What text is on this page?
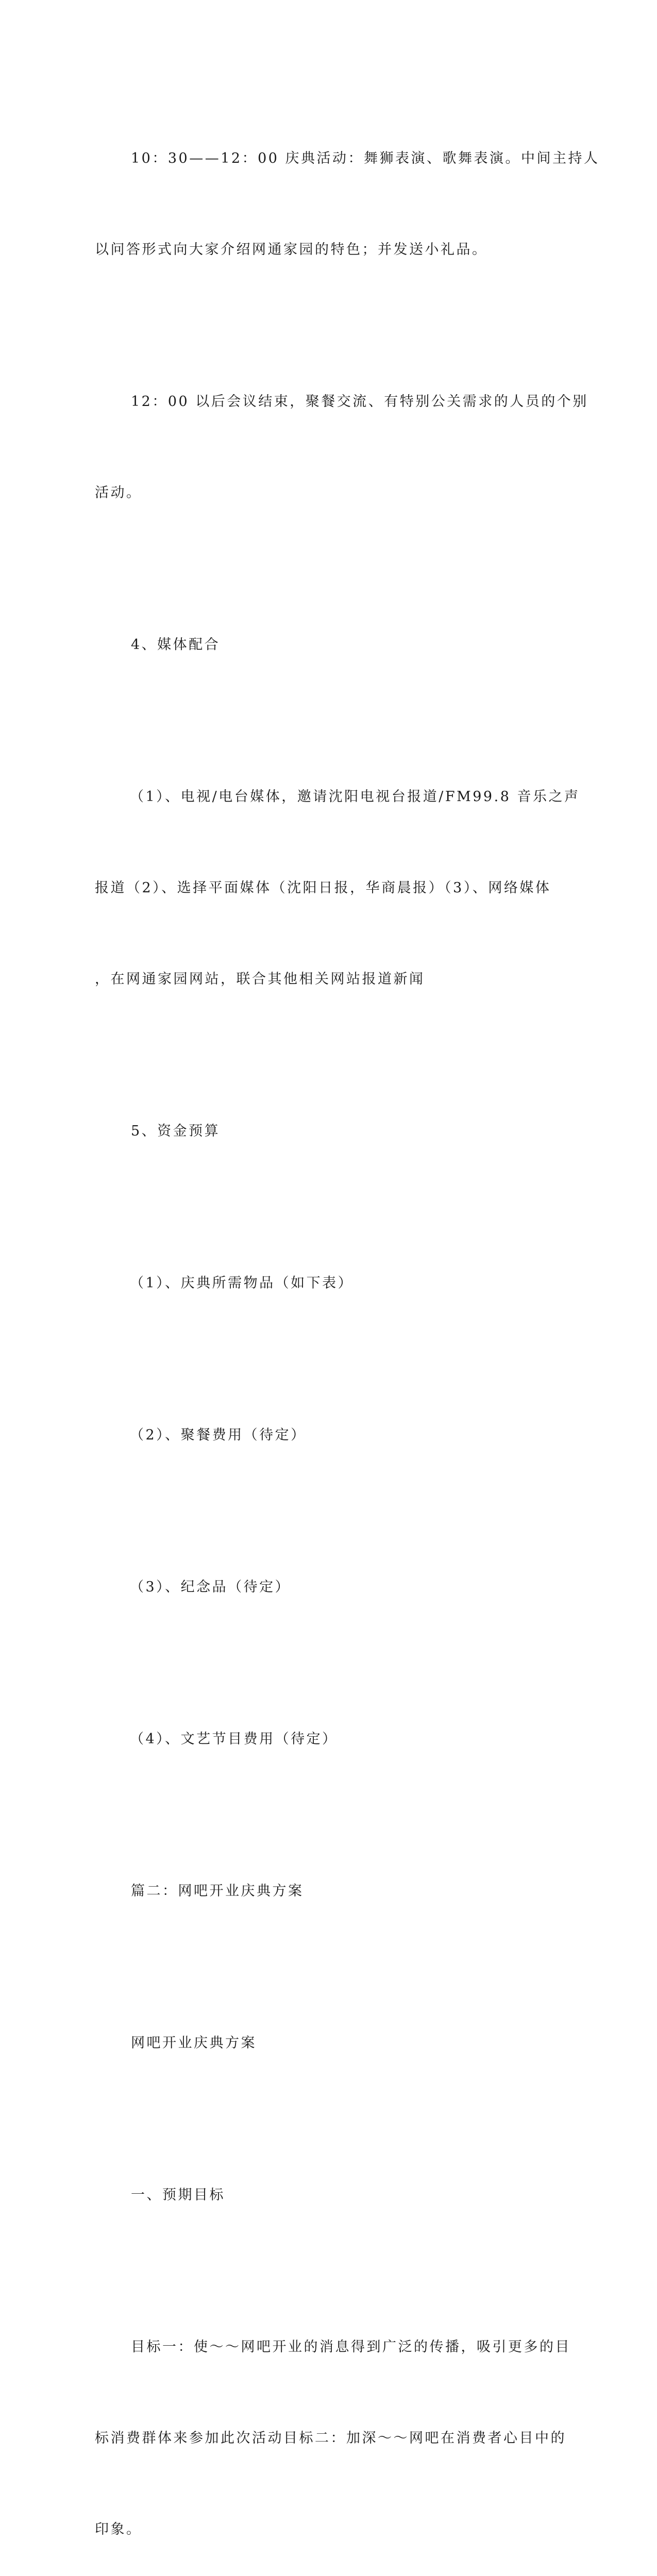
10：30——12：00 庆典活动：舞狮表演、歌舞表演。中间主持人

以问答形式向大家介绍网通家园的特色；并发送小礼品。

12：00 以后会议结束，聚餐交流、有特别公关需求的人员的个别

活动。

4、媒体配合

（1）、电视/电台媒体，邀请沈阳电视台报道/FM99.8 音乐之声

报道（2）、选择平面媒体（沈阳日报，华商晨报）（3）、网络媒体

，在网通家园网站，联合其他相关网站报道新闻

5、资金预算

（1）、庆典所需物品（如下表）

（2）、聚餐费用（待定）

（3）、纪念品（待定）

（4）、文艺节目费用（待定）

篇二：网吧开业庆典方案

网吧开业庆典方案

一、预期目标

目标一：使～～网吧开业的消息得到广泛的传播，吸引更多的目

标消费群体来参加此次活动目标二：加深～～网吧在消费者心目中的

印象。
